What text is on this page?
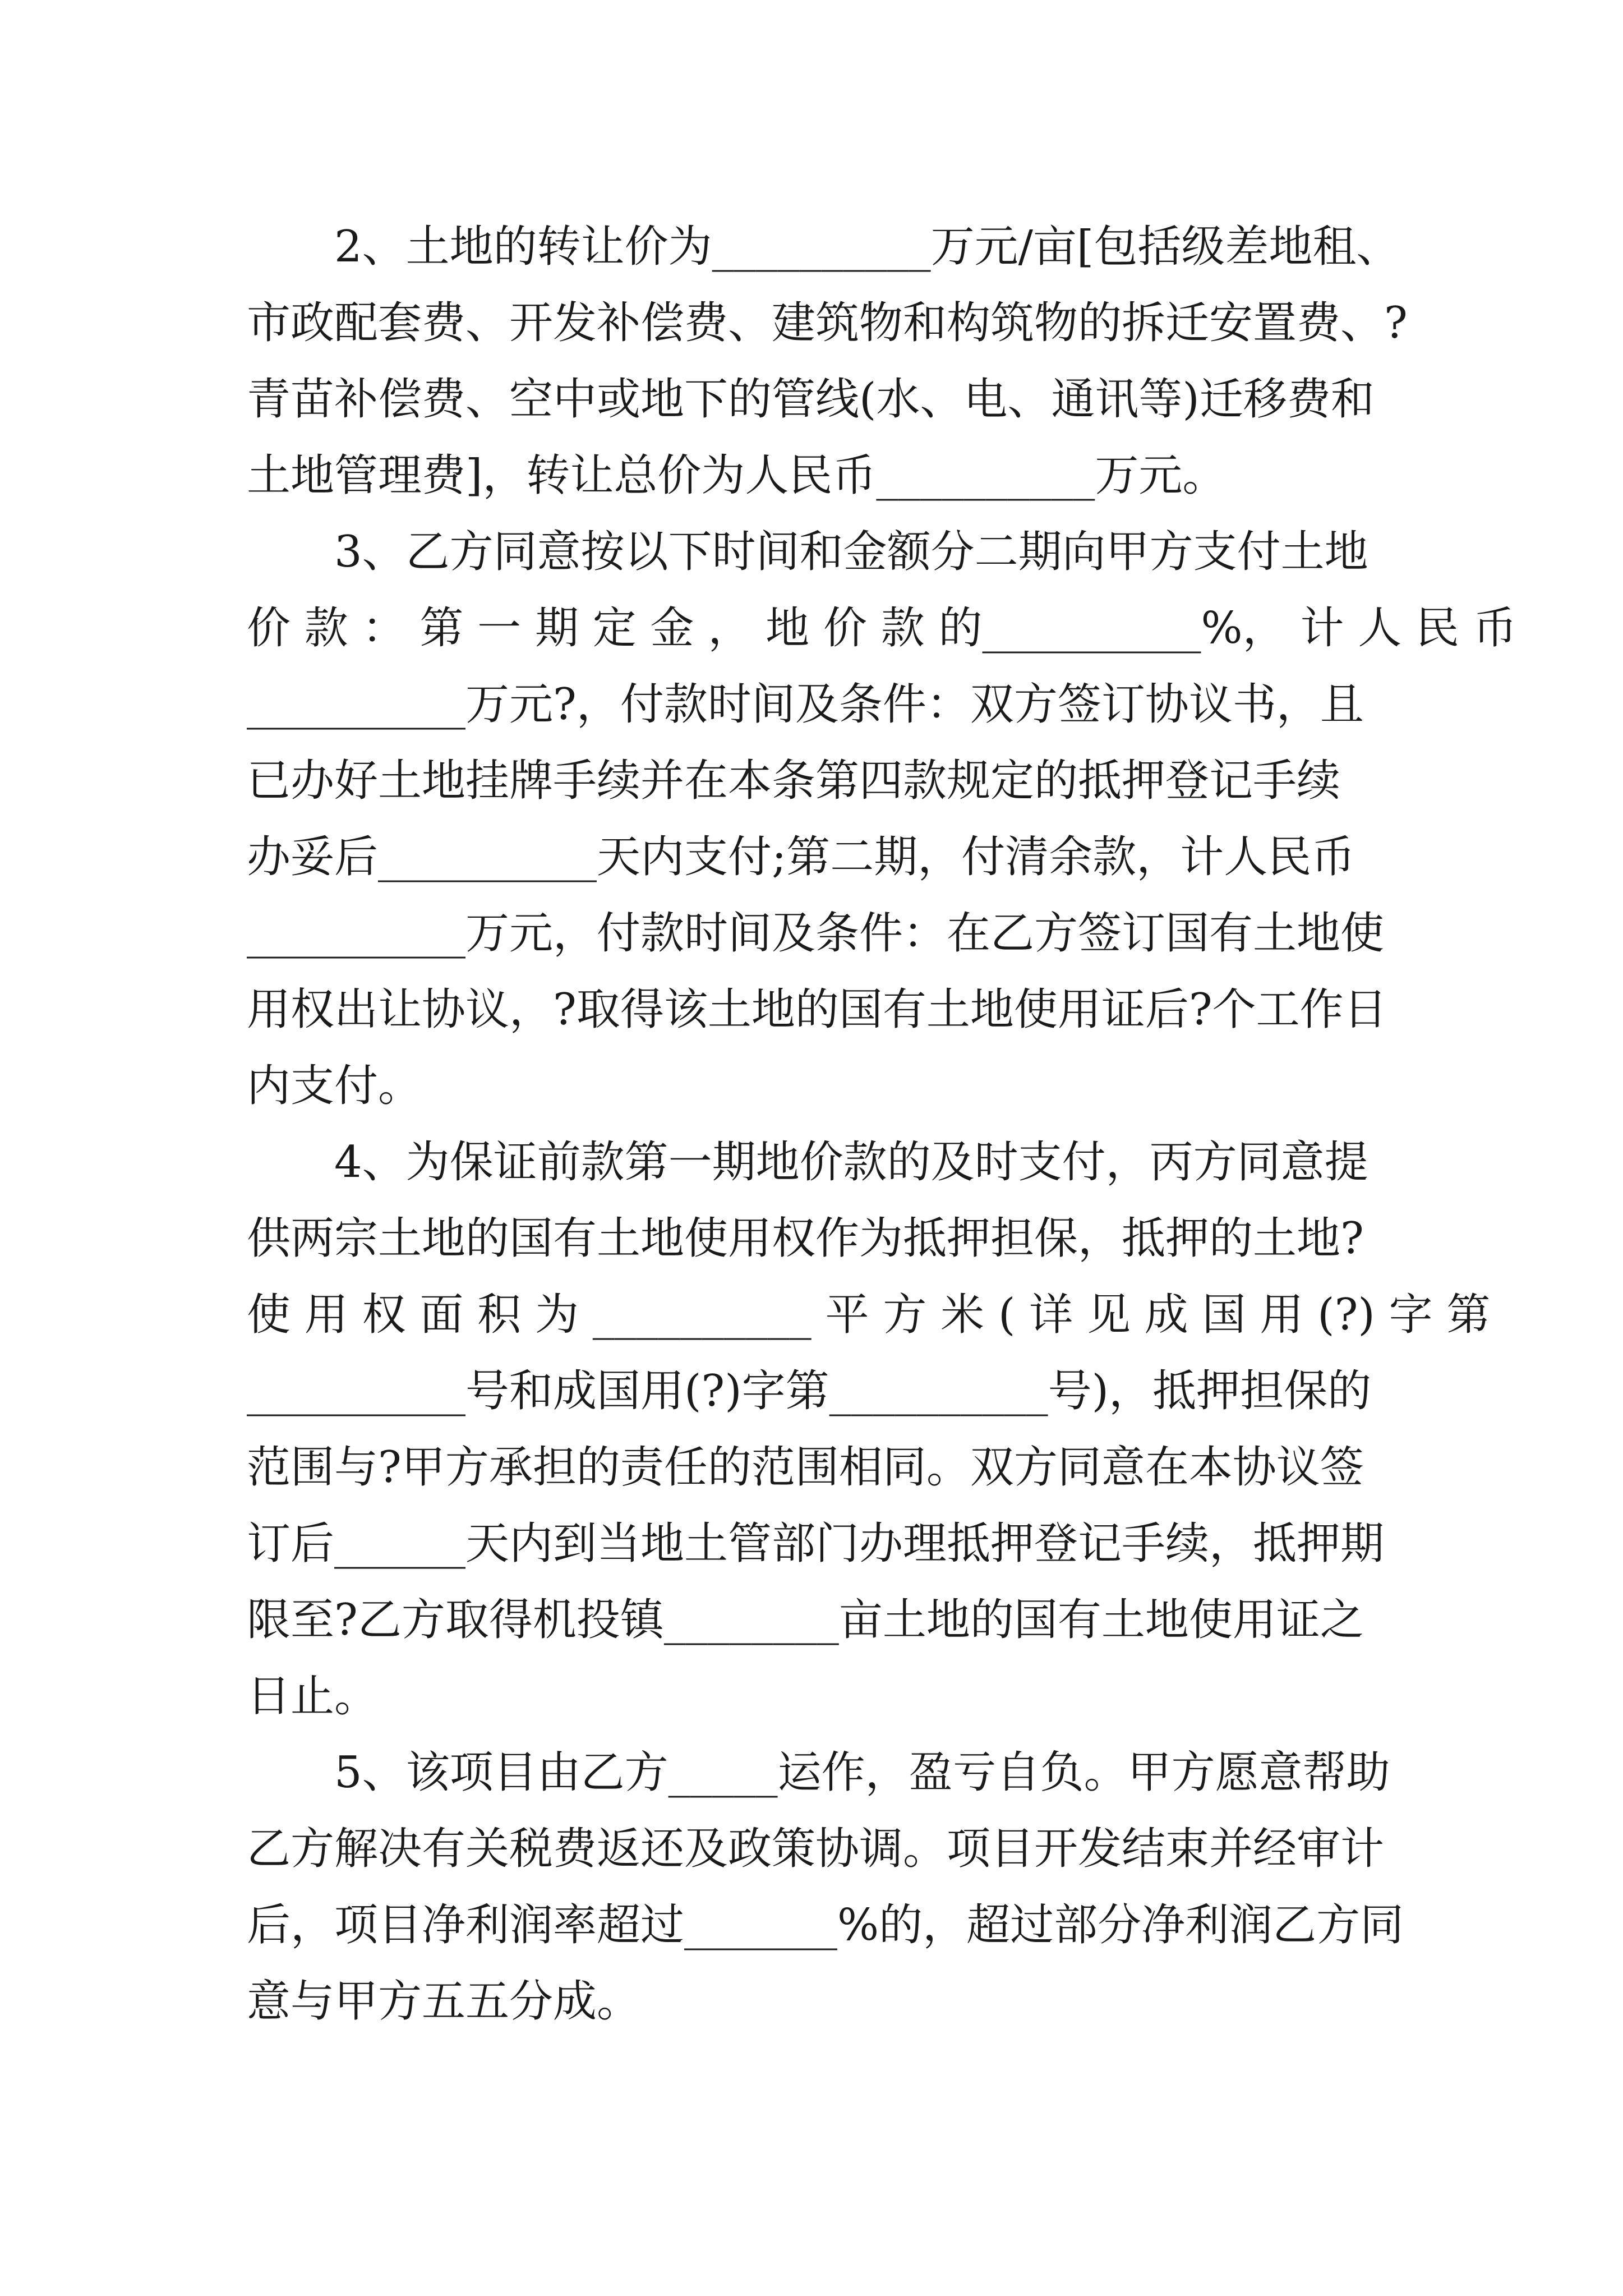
2、土地的转让价为__________万元/亩[包括级差地租、
市政配套费、开发补偿费、建筑物和构筑物的拆迁安置费、?
青苗补偿费、空中或地下的管线(水、电、通讯等)迁移费和
土地管理费]，转让总价为人民币__________万元。
3、乙方同意按以下时间和金额分二期向甲方支付土地
价 款 ： 第 一 期 定 金 ， 地 价 款 的__________%， 计 人 民 币
__________万元?，付款时间及条件：双方签订协议书，且
已办好土地挂牌手续并在本条第四款规定的抵押登记手续
办妥后__________天内支付;第二期，付清余款，计人民币
__________万元，付款时间及条件：在乙方签订国有土地使
用权出让协议，?取得该土地的国有土地使用证后?个工作日
内支付。
4、为保证前款第一期地价款的及时支付，丙方同意提
供两宗土地的国有土地使用权作为抵押担保，抵押的土地?
使 用 权 面 积 为 __________ 平 方 米 ( 详 见 成 国 用 (?) 字 第
__________号和成国用(?)字第__________号)，抵押担保的
范围与?甲方承担的责任的范围相同。双方同意在本协议签
订后______天内到当地土管部门办理抵押登记手续，抵押期
限至?乙方取得机投镇________亩土地的国有土地使用证之
日止。
5、该项目由乙方_____运作，盈亏自负。甲方愿意帮助
乙方解决有关税费返还及政策协调。项目开发结束并经审计
后，项目净利润率超过_______%的，超过部分净利润乙方同
意与甲方五五分成。
